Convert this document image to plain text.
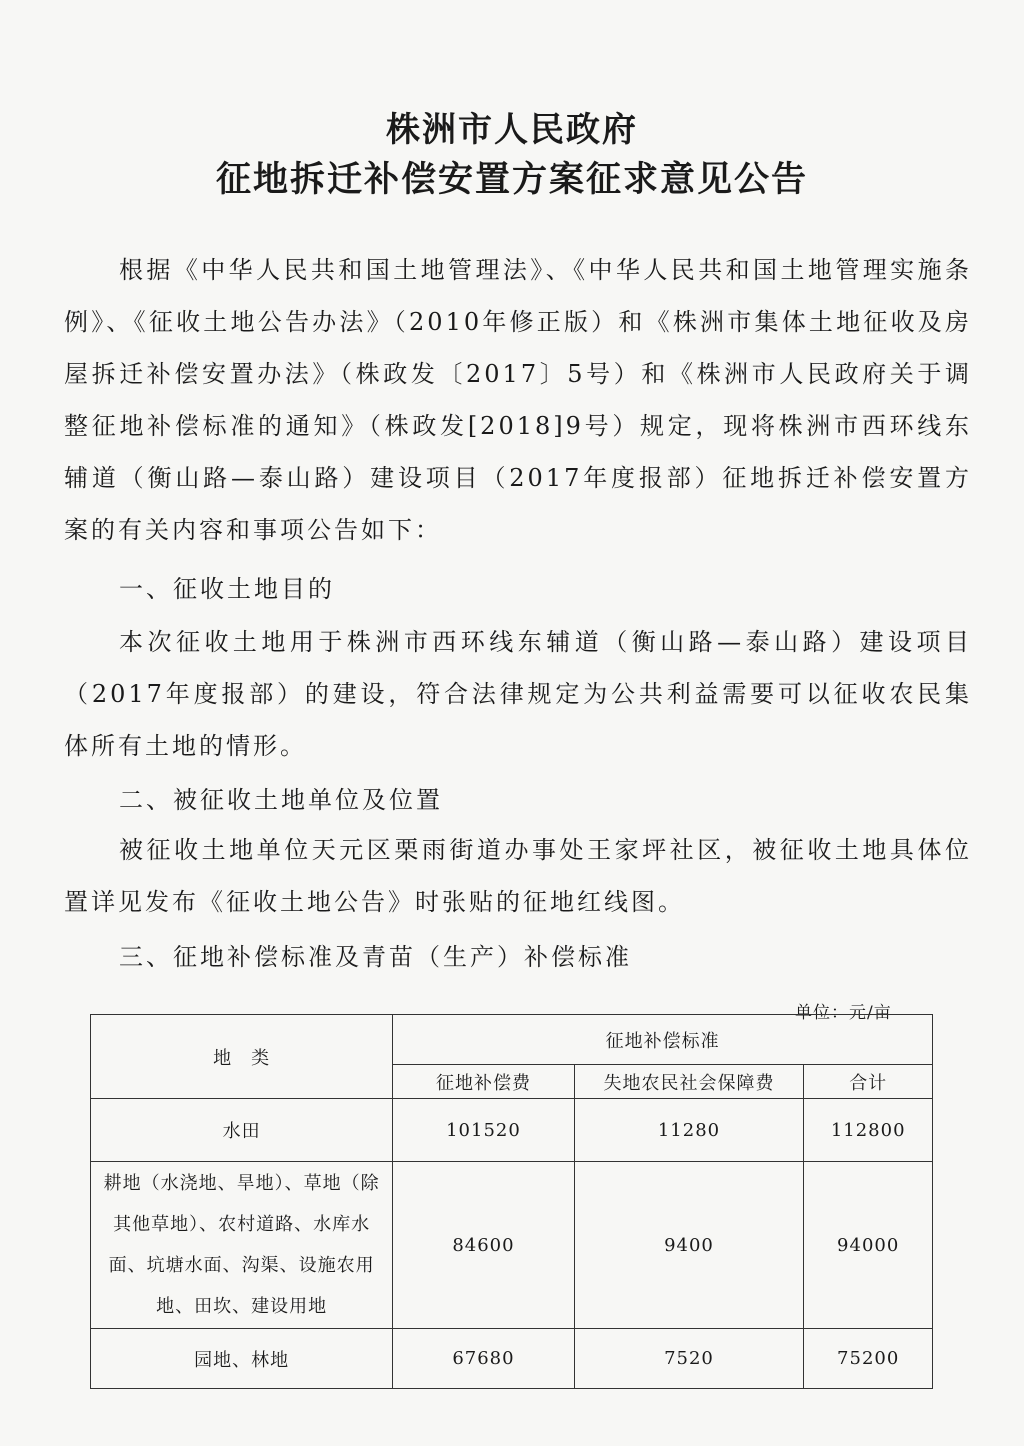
株洲市人民政府
征地拆迁补偿安置方案征求意见公告

根据《中华人民共和国土地管理法》、《中华人民共和国土地管理实施条例》、《征收土地公告办法》（2010年修正版）和《株洲市集体土地征收及房屋拆迁补偿安置办法》（株政发〔2017〕5号）和《株洲市人民政府关于调整征地补偿标准的通知》（株政发[2018]9号）规定，现将株洲市西环线东辅道（衡山路—泰山路）建设项目（2017年度报部）征地拆迁补偿安置方案的有关内容和事项公告如下：

一、征收土地目的

本次征收土地用于株洲市西环线东辅道（衡山路—泰山路）建设项目（2017年度报部）的建设，符合法律规定为公共利益需要可以征收农民集体所有土地的情形。

二、被征收土地单位及位置

被征收土地单位天元区栗雨街道办事处王家坪社区，被征收土地具体位置详见发布《征收土地公告》时张贴的征地红线图。

三、征地补偿标准及青苗（生产）补偿标准
单位：元/亩
地　类	征地补偿标准		
	征地补偿费	失地农民社会保障费	合计
水田	101520	11280	112800
耕地（水浇地、旱地）、草地（除其他草地）、农村道路、水库水面、坑塘水面、沟渠、设施农用地、田坎、建设用地	84600	9400	94000
园地、林地	67680	7520	75200
